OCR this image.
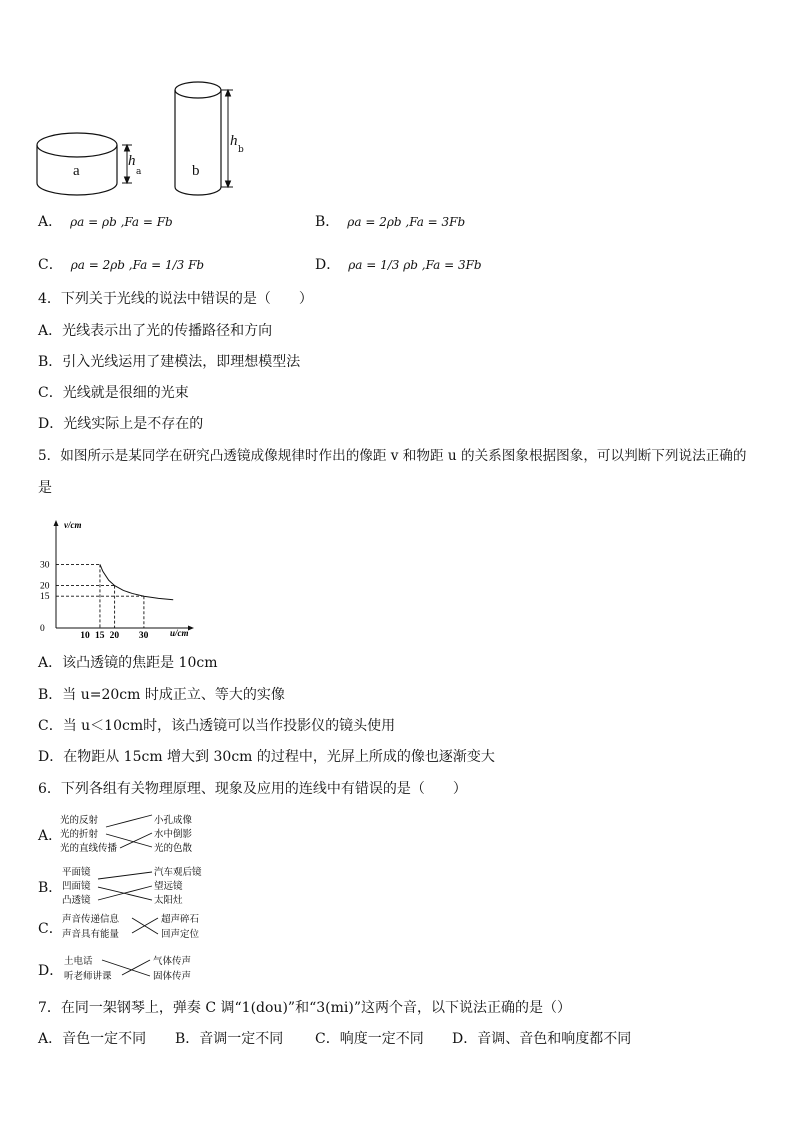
a	b
h
a
h
b
A． ρa = ρb ,Fa = Fb	B． ρa = 2ρb ,Fa = 3Fb
C． ρa = 2ρb ,Fa = 1/3 Fb	D． ρa = 1/3 ρb ,Fa = 3Fb
4．下列关于光线的说法中错误的是（　　）
A．光线表示出了光的传播路径和方向
B．引入光线运用了建模法，即理想模型法
C．光线就是很细的光束
D．光线实际上是不存在的
5．如图所示是某同学在研究凸透镜成像规律时作出的像距 v 和物距 u 的关系图象根据图象，可以判断下列说法正确的
是
v/cm
u/cm
30
20
15
0
10 15 20 30
A．该凸透镜的焦距是 10cm
B．当 u=20cm 时成正立、等大的实像
C．当 u＜10cm时，该凸透镜可以当作投影仪的镜头使用
D．在物距从 15cm 增大到 30cm 的过程中，光屏上所成的像也逐渐变大
6．下列各组有关物理原理、现象及应用的连线中有错误的是（　　）
A．
光的反射
光的折射
光的直线传播
小孔成像
水中倒影
光的色散
B．
平面镜
凹面镜
凸透镜
汽车观后镜
望远镜
太阳灶
C．
声音传递信息
声音具有能量
超声碎石
回声定位
D．
土电话
听老师讲课
气体传声
固体传声
7．在同一架钢琴上，弹奏 C 调“1(dou)”和“3(mi)”这两个音，以下说法正确的是（）
A．音色一定不同 B．音调一定不同 C．响度一定不同 D．音调、音色和响度都不同
